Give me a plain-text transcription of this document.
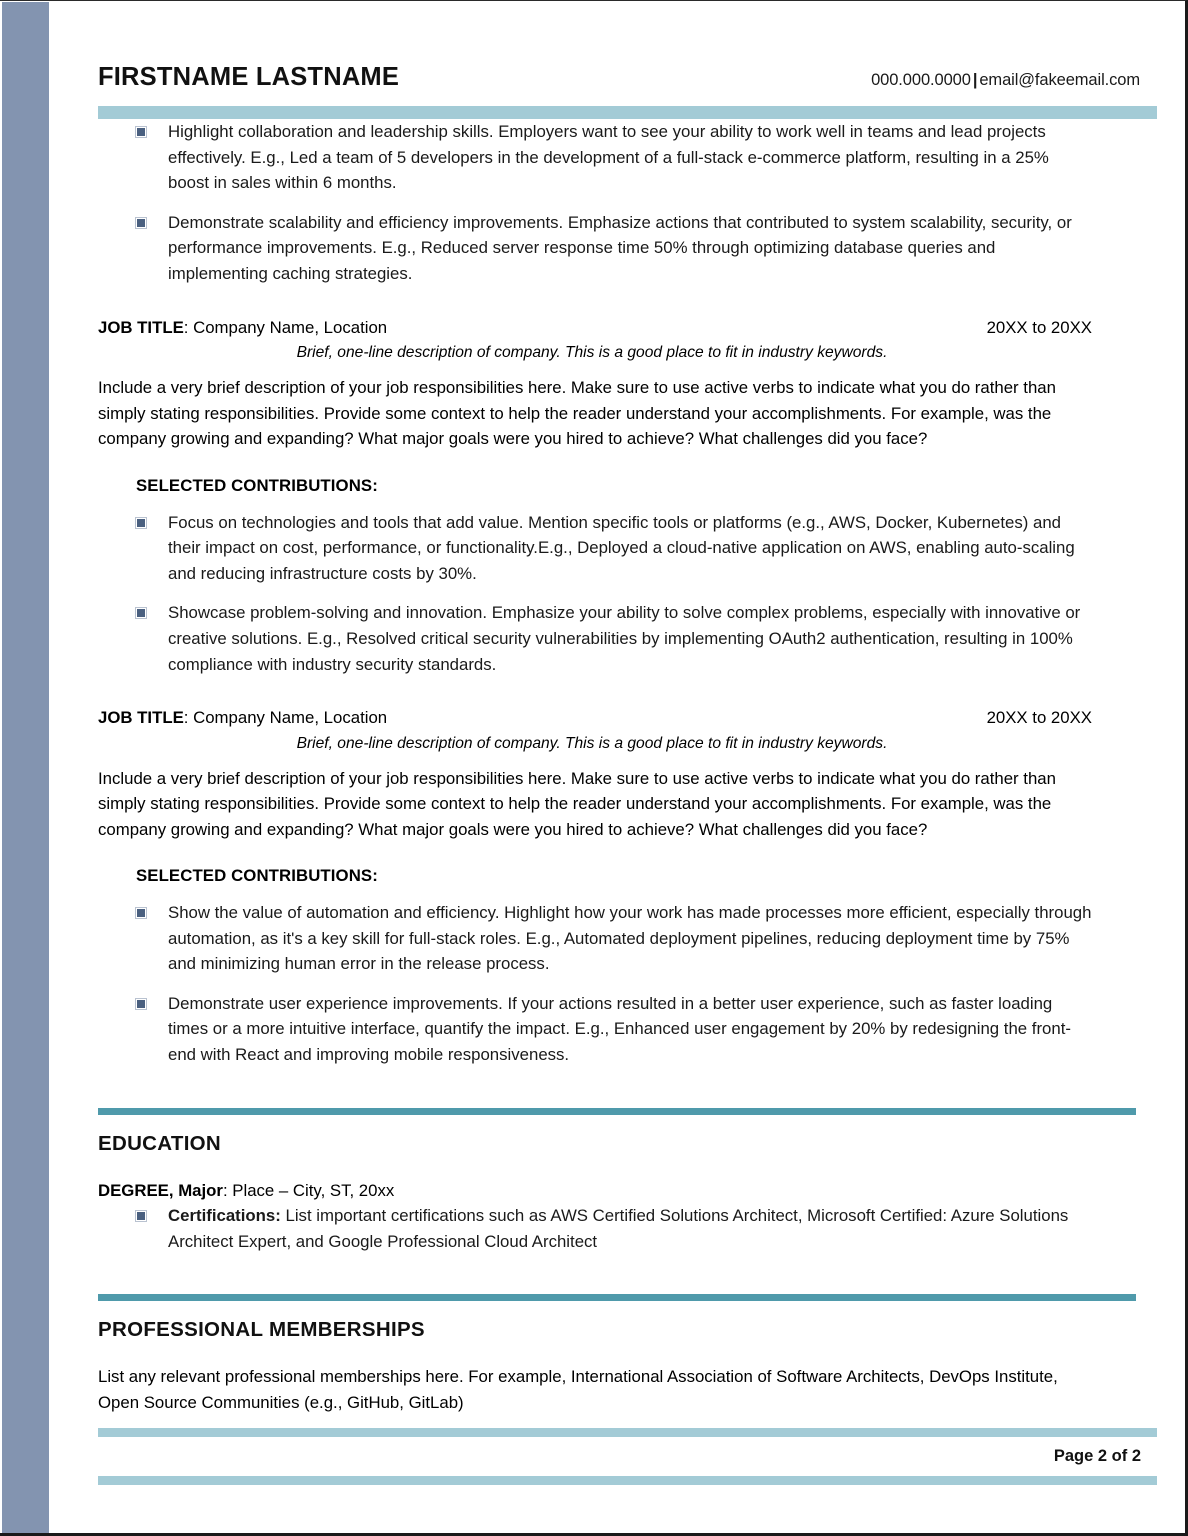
FIRSTNAME LASTNAME	000.000.0000 | email@fakeemail.com
Highlight collaboration and leadership skills. Employers want to see your ability to work well in teams and lead projects effectively. E.g., Led a team of 5 developers in the development of a full-stack e-commerce platform, resulting in a 25% boost in sales within 6 months.
Demonstrate scalability and efficiency improvements. Emphasize actions that contributed to system scalability, security, or performance improvements. E.g., Reduced server response time 50% through optimizing database queries and implementing caching strategies.
JOB TITLE: Company Name, Location	20XX to 20XX
Brief, one-line description of company. This is a good place to fit in industry keywords.
Include a very brief description of your job responsibilities here. Make sure to use active verbs to indicate what you do rather than simply stating responsibilities. Provide some context to help the reader understand your accomplishments. For example, was the company growing and expanding? What major goals were you hired to achieve? What challenges did you face?
SELECTED CONTRIBUTIONS:
Focus on technologies and tools that add value. Mention specific tools or platforms (e.g., AWS, Docker, Kubernetes) and their impact on cost, performance, or functionality.E.g., Deployed a cloud-native application on AWS, enabling auto-scaling and reducing infrastructure costs by 30%.
Showcase problem-solving and innovation. Emphasize your ability to solve complex problems, especially with innovative or creative solutions. E.g., Resolved critical security vulnerabilities by implementing OAuth2 authentication, resulting in 100% compliance with industry security standards.
JOB TITLE: Company Name, Location	20XX to 20XX
Brief, one-line description of company. This is a good place to fit in industry keywords.
Include a very brief description of your job responsibilities here. Make sure to use active verbs to indicate what you do rather than simply stating responsibilities. Provide some context to help the reader understand your accomplishments. For example, was the company growing and expanding? What major goals were you hired to achieve? What challenges did you face?
SELECTED CONTRIBUTIONS:
Show the value of automation and efficiency. Highlight how your work has made processes more efficient, especially through automation, as it's a key skill for full-stack roles. E.g., Automated deployment pipelines, reducing deployment time by 75% and minimizing human error in the release process.
Demonstrate user experience improvements. If your actions resulted in a better user experience, such as faster loading times or a more intuitive interface, quantify the impact. E.g., Enhanced user engagement by 20% by redesigning the front-end with React and improving mobile responsiveness.
EDUCATION
DEGREE, Major: Place – City, ST, 20xx
Certifications: List important certifications such as AWS Certified Solutions Architect, Microsoft Certified: Azure Solutions Architect Expert, and Google Professional Cloud Architect
PROFESSIONAL MEMBERSHIPS
List any relevant professional memberships here. For example, International Association of Software Architects, DevOps Institute, Open Source Communities (e.g., GitHub, GitLab)
Page 2 of 2
